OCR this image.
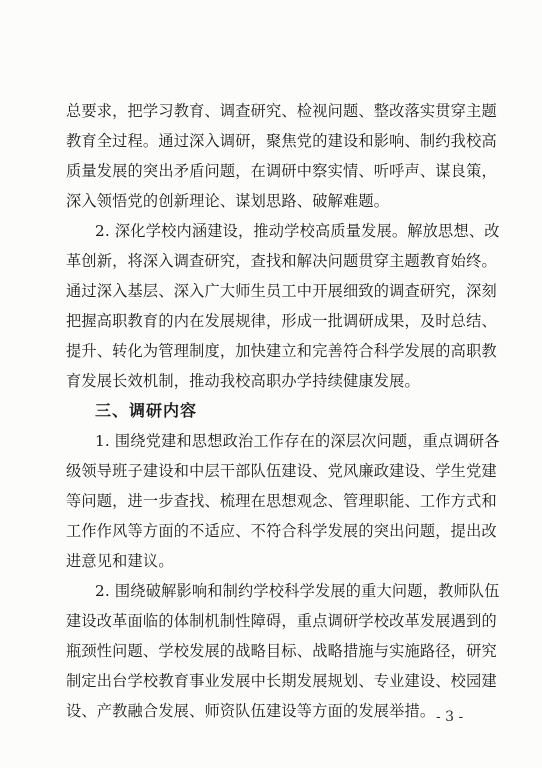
总要求，把学习教育、调查研究、检视问题、整改落实贯穿主题
教育全过程。通过深入调研，聚焦党的建设和影响、制约我校高
质量发展的突出矛盾问题，在调研中察实情、听呼声、谋良策，
深入领悟党的创新理论、谋划思路、破解难题。
2. 深化学校内涵建设，推动学校高质量发展。解放思想、改
革创新，将深入调查研究，查找和解决问题贯穿主题教育始终。
通过深入基层、深入广大师生员工中开展细致的调查研究，深刻
把握高职教育的内在发展规律，形成一批调研成果，及时总结、
提升、转化为管理制度，加快建立和完善符合科学发展的高职教
育发展长效机制，推动我校高职办学持续健康发展。
三、调研内容
1. 围绕党建和思想政治工作存在的深层次问题，重点调研各
级领导班子建设和中层干部队伍建设、党风廉政建设、学生党建
等问题，进一步查找、梳理在思想观念、管理职能、工作方式和
工作作风等方面的不适应、不符合科学发展的突出问题，提出改
进意见和建议。
2. 围绕破解影响和制约学校科学发展的重大问题，教师队伍
建设改革面临的体制机制性障碍，重点调研学校改革发展遇到的
瓶颈性问题、学校发展的战略目标、战略措施与实施路径，研究
制定出台学校教育事业发展中长期发展规划、专业建设、校园建
设、产教融合发展、师资队伍建设等方面的发展举措。 - 3 -
